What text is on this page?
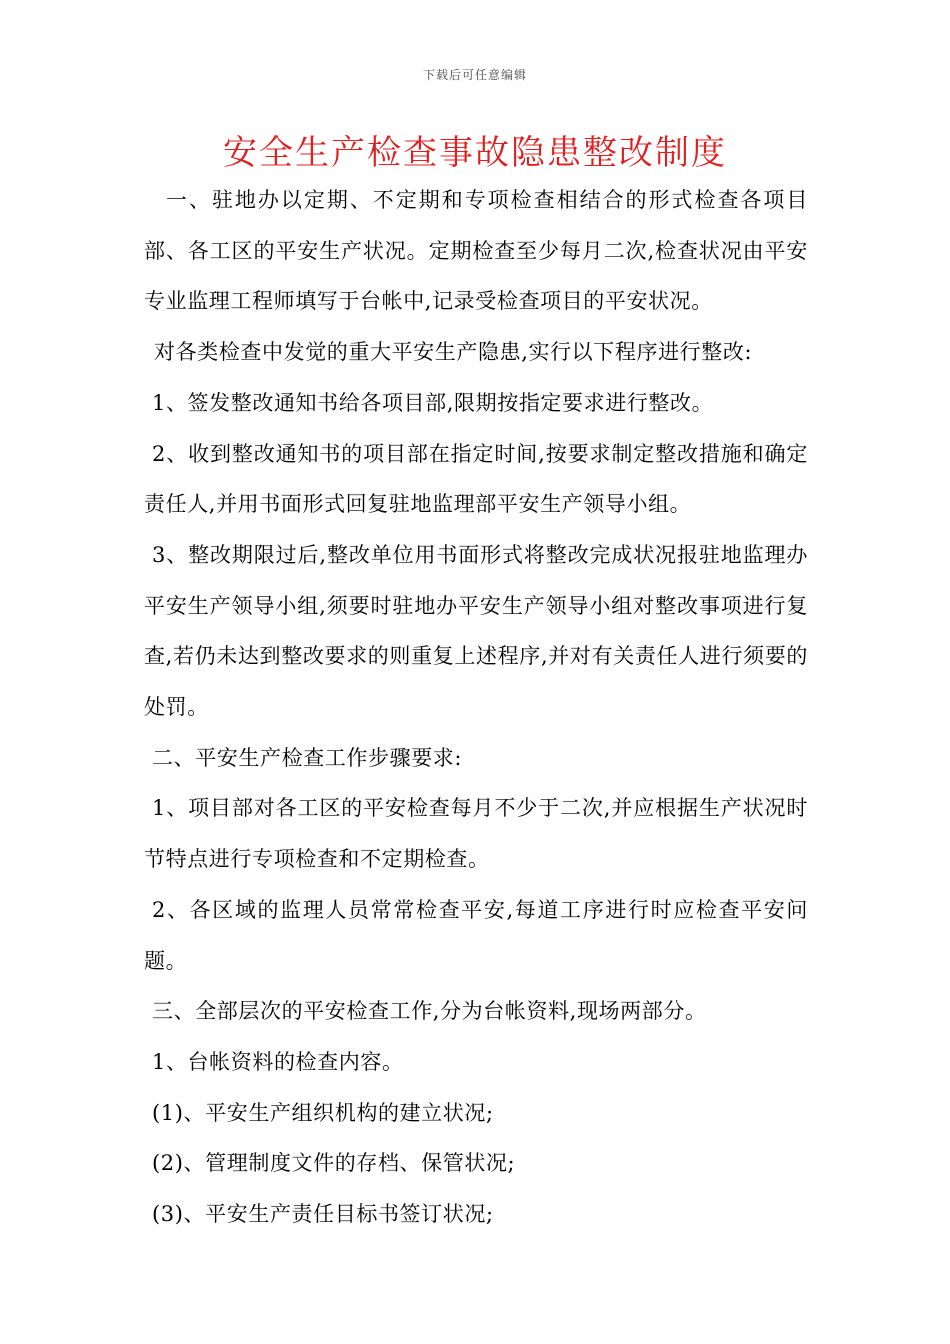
下载后可任意编辑
安全生产检查事故隐患整改制度

一、驻地办以定期、不定期和专项检查相结合的形式检查各项目部、各工区的平安生产状况。定期检查至少每月二次,检查状况由平安专业监理工程师填写于台帐中,记录受检查项目的平安状况。

对各类检查中发觉的重大平安生产隐患,实行以下程序进行整改:

1、签发整改通知书给各项目部,限期按指定要求进行整改。

2、收到整改通知书的项目部在指定时间,按要求制定整改措施和确定责任人,并用书面形式回复驻地监理部平安生产领导小组。

3、整改期限过后,整改单位用书面形式将整改完成状况报驻地监理办平安生产领导小组,须要时驻地办平安生产领导小组对整改事项进行复查,若仍未达到整改要求的则重复上述程序,并对有关责任人进行须要的处罚。

二、平安生产检查工作步骤要求:

1、项目部对各工区的平安检查每月不少于二次,并应根据生产状况时节特点进行专项检查和不定期检查。

2、各区域的监理人员常常检查平安,每道工序进行时应检查平安问题。

三、全部层次的平安检查工作,分为台帐资料,现场两部分。

1、台帐资料的检查内容。

(1)、平安生产组织机构的建立状况;

(2)、管理制度文件的存档、保管状况;

(3)、平安生产责任目标书签订状况;
